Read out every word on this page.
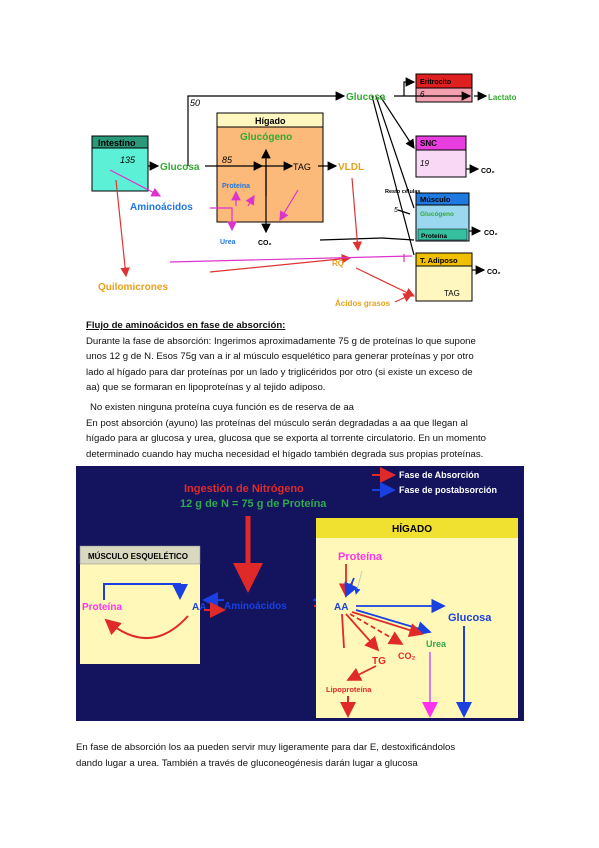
Intestino
135
Hígado
Glucógeno
Glucosa
Glucosa
50
85
Proteína
TAG	VLDL
Aminoácidos
Urea	CO₂
Quilomicrones
RQ
Ácidos grasos
Eritrocito
6	Lactato
SNC
19
CO₂
Resto células
5
Músculo
Glucógeno
Proteína	CO₂
T. Adiposo
TAG
CO₂

Flujo de aminoácidos en fase de absorción:

Durante la fase de absorción: Ingerimos aproximadamente 75 g de proteínas lo que supone

unos 12 g de N. Esos 75g van a ir al músculo esquelético para generar proteínas y por otro

lado al hígado para dar proteínas por un lado y triglicéridos por otro (si existe un exceso de

aa) que se formaran en lipoproteínas y al tejido adiposo.

No existen ninguna proteína cuya función es de reserva de aa

En post absorción (ayuno) las proteínas del músculo serán degradadas a aa que llegan al

hígado para ar glucosa y urea, glucosa que se exporta al torrente circulatorio. En un momento

determinado cuando hay mucha necesidad el hígado también degrada sus propias proteínas.

Fase de Absorción
Fase de postabsorción
Ingestión de Nitrógeno
12 g de N = 75 g de Proteína
MÚSCULO ESQUELÉTICO
Proteína	AA Aminoácidos
HÍGADO
Proteína
AA
Glucosa
Urea
CO₂
TG
Lipoproteína

En fase de absorción los aa pueden servir muy ligeramente para dar E, destoxificándolos

dando lugar a urea. También a través de gluconeogénesis darán lugar a glucosa
